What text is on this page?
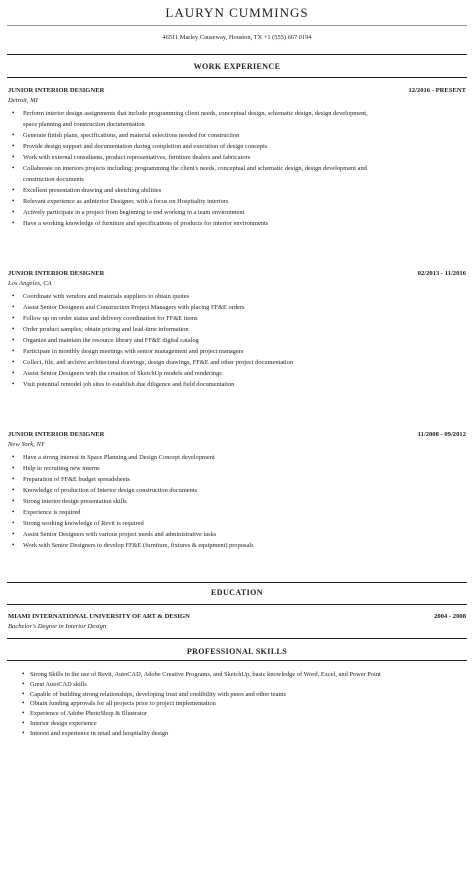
LAURYN CUMMINGS
46511 Marley Causeway, Houston, TX +1 (555) 667 0194
WORK EXPERIENCE
JUNIOR INTERIOR DESIGNER	12/2016 - PRESENT
Detroit, MI
• Perform interior design assignments that include programming client needs, conceptual design, schematic design, design development,
space planning and construction documentation
• Generate finish plans, specifications, and material selections needed for construction
• Provide design support and documentation during completion and execution of design concepts
• Work with external consultants, product representatives, furniture dealers and fabricators
• Collaborate on interiors projects including: programming the client's needs, conceptual and schematic design, design development and
construction documents
• Excellent presentation drawing and sketching abilities
• Relevant experience as anInterior Designer, with a focus on Hospitality interiors
• Actively participate in a project from beginning to end working in a team environment
• Have a working knowledge of furniture and specifications of products for interior environments
JUNIOR INTERIOR DESIGNER	02/2013 - 11/2016
Los Angeles, CA
• Coordinate with vendors and materials suppliers to obtain quotes
• Assist Senior Designers and Construction Project Managers with placing FF&E orders
• Follow up on order status and delivery coordination for FF&E items
• Order product samples; obtain pricing and lead-time information
• Organize and maintain the resource library and FF&E digital catalog
• Participate in monthly design meetings with senior management and project managers
• Collect, file, and archive architectural drawings, design drawings, FF&E and other project documentation
• Assist Senior Designers with the creation of SketchUp models and renderings
• Visit potential remodel job sites to establish due diligence and field documentation
JUNIOR INTERIOR DESIGNER	11/2008 - 09/2012
New York, NY
• Have a strong interest in Space Planning and Design Concept development
• Help in recruiting new interns
• Preparation of FF&E budget spreadsheets
• Knowledge of production of Interior design construction documents
• Strong interior design presentation skills
• Experience is required
• Strong working knowledge of Revit is required
• Assist Senior Designers with various project needs and administrative tasks
• Work with Senior Designers to develop FF&E (furniture, fixtures & equipment) proposals
EDUCATION
MIAMI INTERNATIONAL UNIVERSITY OF ART & DESIGN	2004 - 2008
Bachelor's Degree in Interior Design
PROFESSIONAL SKILLS
• Strong Skills in the use of Revit, AutoCAD, Adobe Creative Programs, and SketchUp, basic knowledge of Word, Excel, and Power Point
• Great AutoCAD skills
• Capable of building strong relationships, developing trust and credibility with peers and other teams
• Obtain funding approvals for all projects prior to project implementation
• Experience of Adobe PhotoShop & Illustrator
• Interior design experience
• Interest and experience in retail and hospitality design
